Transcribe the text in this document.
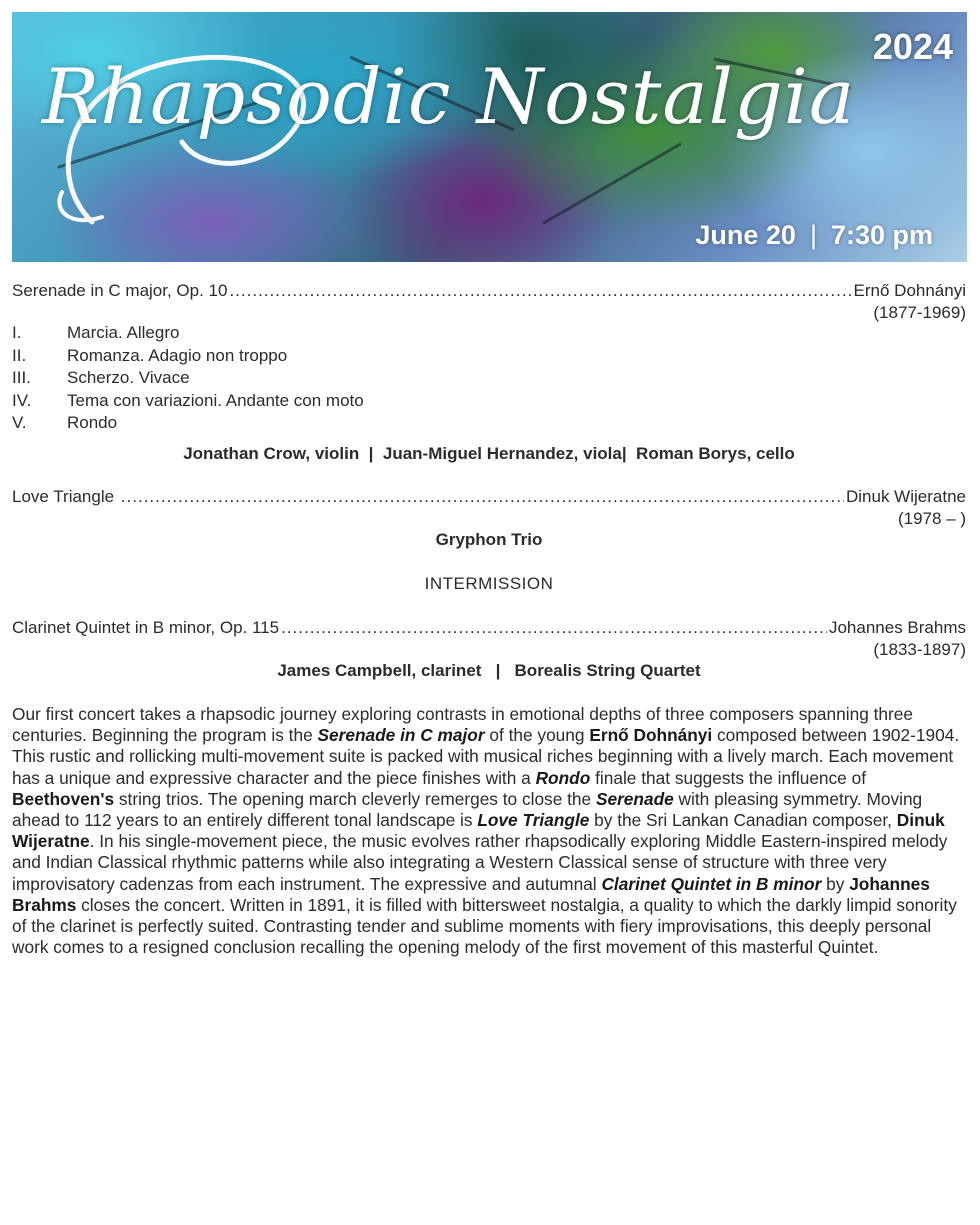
Rhapsodic Nostalgia
2024
June 20 | 7:30 pm
Serenade in C major, Op. 10 .....	Ernő Dohnányi
(1877-1969)
I.	Marcia. Allegro
II.	Romanza. Adagio non troppo
III.	Scherzo. Vivace
IV.	Tema con variazioni. Andante con moto
V.	Rondo
Jonathan Crow, violin  |  Juan-Miguel Hernandez, viola|  Roman Borys, cello
Love Triangle .....	Dinuk Wijeratne
(1978 – )
Gryphon Trio
INTERMISSION
Clarinet Quintet in B minor, Op. 115 .....	Johannes Brahms
(1833-1897)
James Campbell, clarinet   |   Borealis String Quartet
Our first concert takes a rhapsodic journey exploring contrasts in emotional depths of three composers spanning three centuries. Beginning the program is the Serenade in C major of the young Ernő Dohnányi composed between 1902-1904. This rustic and rollicking multi-movement suite is packed with musical riches beginning with a lively march. Each movement has a unique and expressive character and the piece finishes with a Rondo finale that suggests the influence of Beethoven's string trios. The opening march cleverly remerges to close the Serenade with pleasing symmetry. Moving ahead to 112 years to an entirely different tonal landscape is Love Triangle by the Sri Lankan Canadian composer, Dinuk Wijeratne. In his single-movement piece, the music evolves rather rhapsodically exploring Middle Eastern-inspired melody and Indian Classical rhythmic patterns while also integrating a Western Classical sense of structure with three very improvisatory cadenzas from each instrument. The expressive and autumnal Clarinet Quintet in B minor by Johannes Brahms closes the concert. Written in 1891, it is filled with bittersweet nostalgia, a quality to which the darkly limpid sonority of the clarinet is perfectly suited. Contrasting tender and sublime moments with fiery improvisations, this deeply personal work comes to a resigned conclusion recalling the opening melody of the first movement of this masterful Quintet.
